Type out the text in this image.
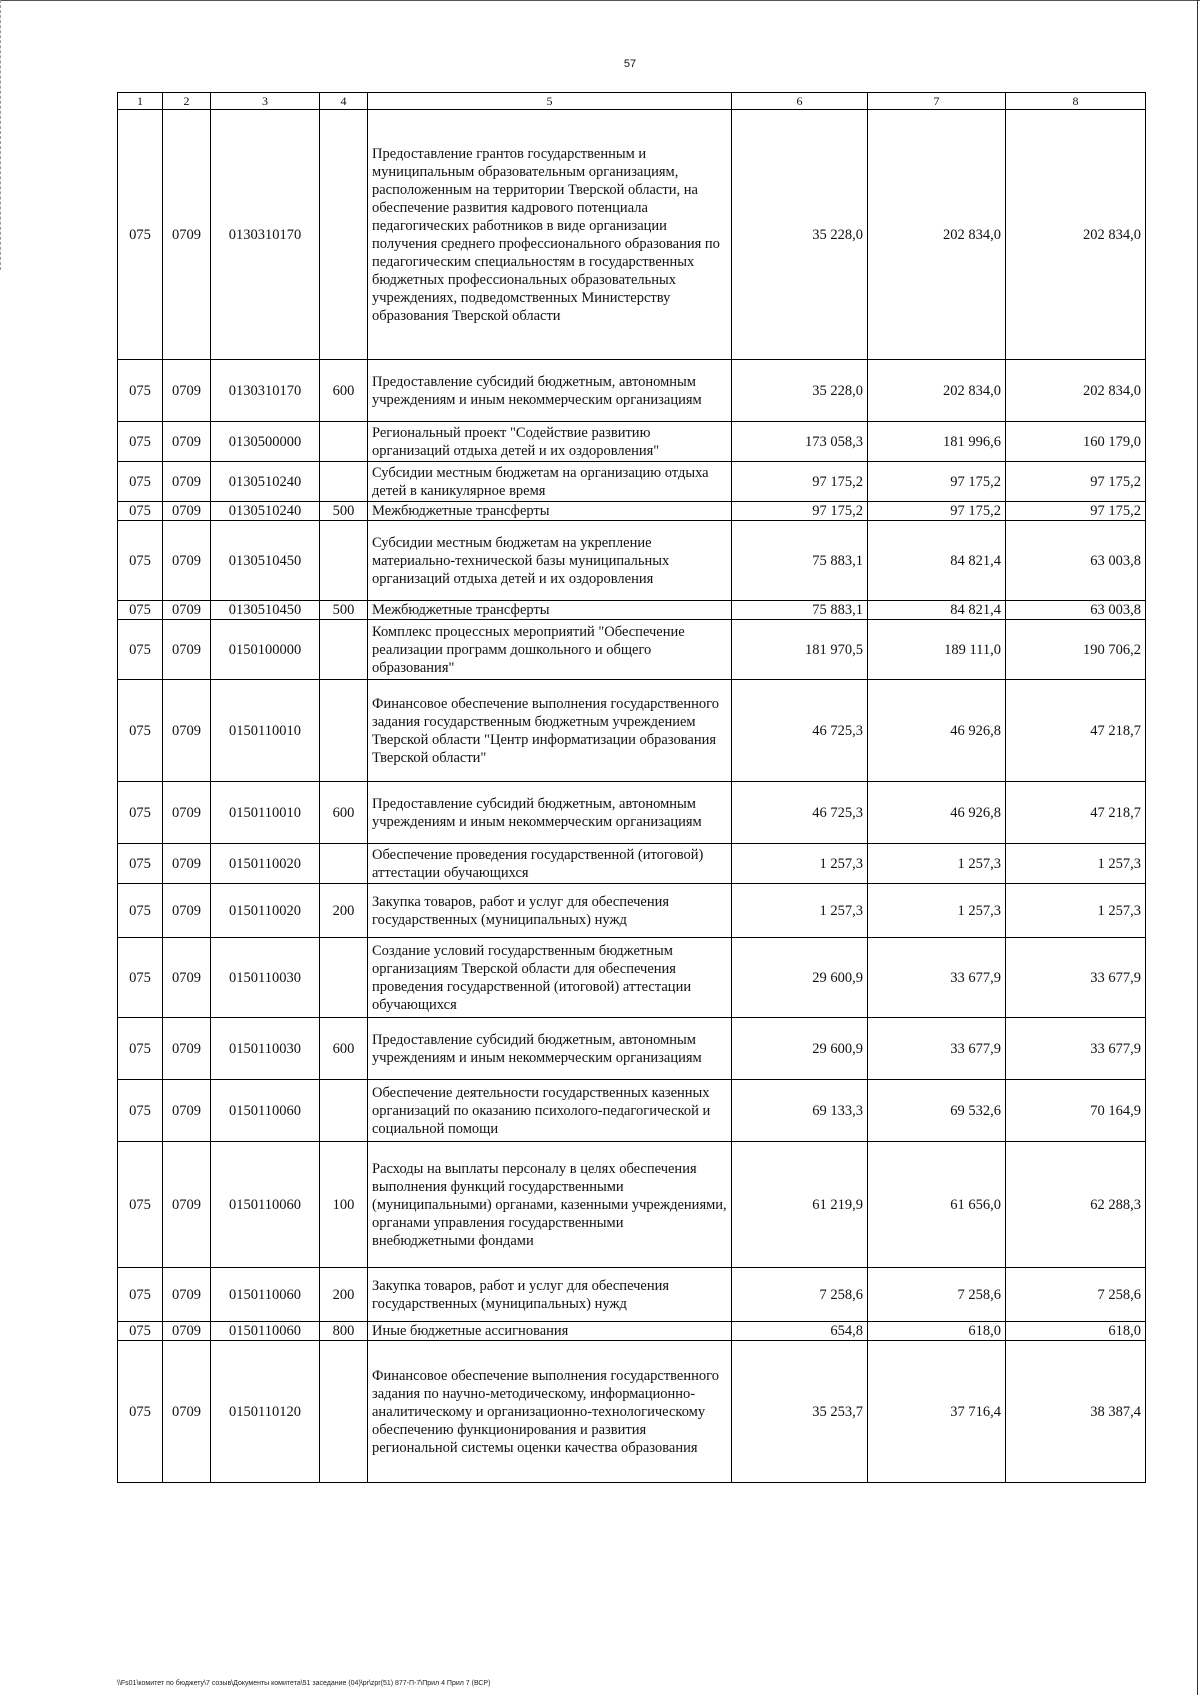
57
1	2	3	4	5	6	7	8
075	0709	0130310170		Предоставление грантов государственным и муниципальным образовательным организациям, расположенным на территории Тверской области, на обеспечение развития кадрового потенциала педагогических работников в виде организации получения среднего профессионального образования по педагогическим специальностям в государственных бюджетных профессиональных образовательных учреждениях, подведомственных Министерству образования Тверской области	35 228,0	202 834,0	202 834,0
075	0709	0130310170	600	Предоставление субсидий бюджетным, автономным учреждениям и иным некоммерческим организациям	35 228,0	202 834,0	202 834,0
075	0709	0130500000		Региональный проект "Содействие развитию организаций отдыха детей и их оздоровления"	173 058,3	181 996,6	160 179,0
075	0709	0130510240		Субсидии местным бюджетам на организацию отдыха детей в каникулярное время	97 175,2	97 175,2	97 175,2
075	0709	0130510240	500	Межбюджетные трансферты	97 175,2	97 175,2	97 175,2
075	0709	0130510450		Субсидии местным бюджетам на укрепление материально-технической базы муниципальных организаций отдыха детей и их оздоровления	75 883,1	84 821,4	63 003,8
075	0709	0130510450	500	Межбюджетные трансферты	75 883,1	84 821,4	63 003,8
075	0709	0150100000		Комплекс процессных мероприятий "Обеспечение реализации программ дошкольного и общего образования"	181 970,5	189 111,0	190 706,2
075	0709	0150110010		Финансовое обеспечение выполнения государственного задания государственным бюджетным учреждением Тверской области "Центр информатизации образования Тверской области"	46 725,3	46 926,8	47 218,7
075	0709	0150110010	600	Предоставление субсидий бюджетным, автономным учреждениям и иным некоммерческим организациям	46 725,3	46 926,8	47 218,7
075	0709	0150110020		Обеспечение проведения государственной (итоговой) аттестации обучающихся	1 257,3	1 257,3	1 257,3
075	0709	0150110020	200	Закупка товаров, работ и услуг для обеспечения государственных (муниципальных) нужд	1 257,3	1 257,3	1 257,3
075	0709	0150110030		Создание условий государственным бюджетным организациям Тверской области для обеспечения проведения государственной (итоговой) аттестации обучающихся	29 600,9	33 677,9	33 677,9
075	0709	0150110030	600	Предоставление субсидий бюджетным, автономным учреждениям и иным некоммерческим организациям	29 600,9	33 677,9	33 677,9
075	0709	0150110060		Обеспечение деятельности государственных казенных организаций по оказанию психолого-педагогической и социальной помощи	69 133,3	69 532,6	70 164,9
075	0709	0150110060	100	Расходы на выплаты персоналу в целях обеспечения выполнения функций государственными (муниципальными) органами, казенными учреждениями, органами управления государственными внебюджетными фондами	61 219,9	61 656,0	62 288,3
075	0709	0150110060	200	Закупка товаров, работ и услуг для обеспечения государственных (муниципальных) нужд	7 258,6	7 258,6	7 258,6
075	0709	0150110060	800	Иные бюджетные ассигнования	654,8	618,0	618,0
075	0709	0150110120		Финансовое обеспечение выполнения государственного задания по научно-методическому, информационно-аналитическому и организационно-технологическому обеспечению функционирования и развития региональной системы оценки качества образования	35 253,7	37 716,4	38 387,4
\\Fs01\комитет по бюджету\7 созыв\Документы комитета\51 заседание (04)\pr\zpr(51) 877-П-7\Прил 4 Прил 7 (ВСР)
